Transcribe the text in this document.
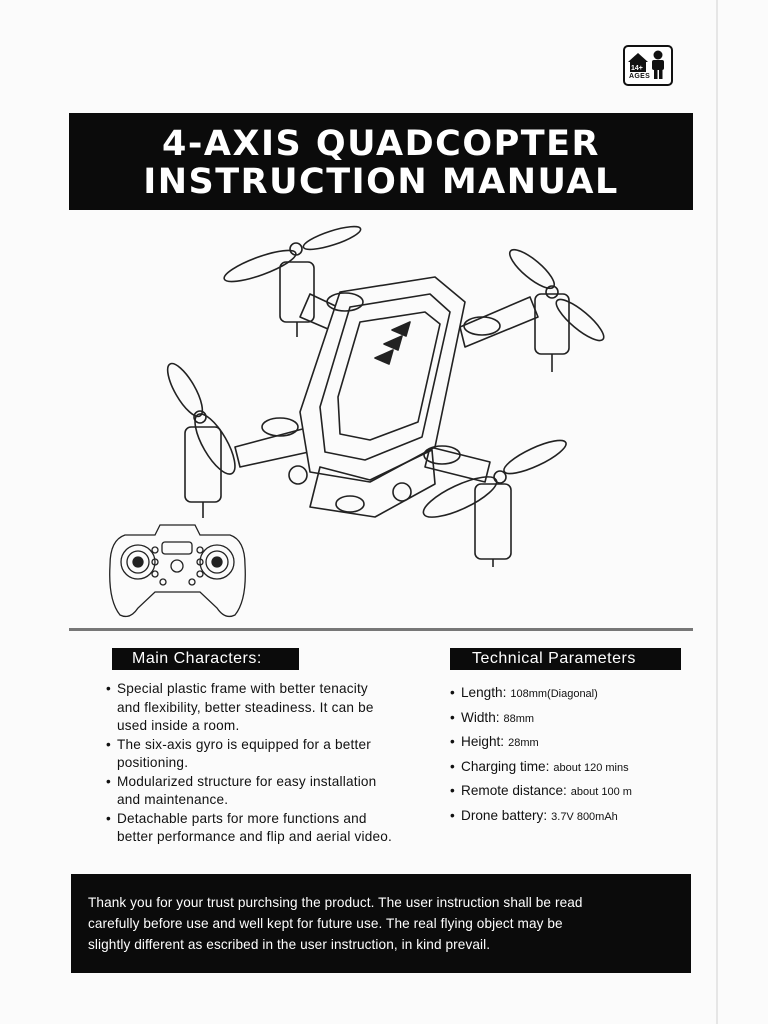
14+
AGES
4-AXIS QUADCOPTER
INSTRUCTION MANUAL
Main Characters:	Technical Parameters
• Special plastic frame with better tenacity
and flexibility, better steadiness. It can be
used inside a room.
• The six-axis gyro is equipped for a better
positioning.
• Modularized structure for easy installation
and maintenance.
• Detachable parts for more functions and
better performance and flip and aerial video.
• Length: 108mm(Diagonal)
• Width: 88mm
• Height: 28mm
• Charging time: about 120 mins
• Remote distance: about 100 m
• Drone battery: 3.7V 800mAh
Thank you for your trust purchsing the product. The user instruction shall be read
carefully before use and well kept for future use. The real flying object may be
slightly different as escribed in the user instruction, in kind prevail.
